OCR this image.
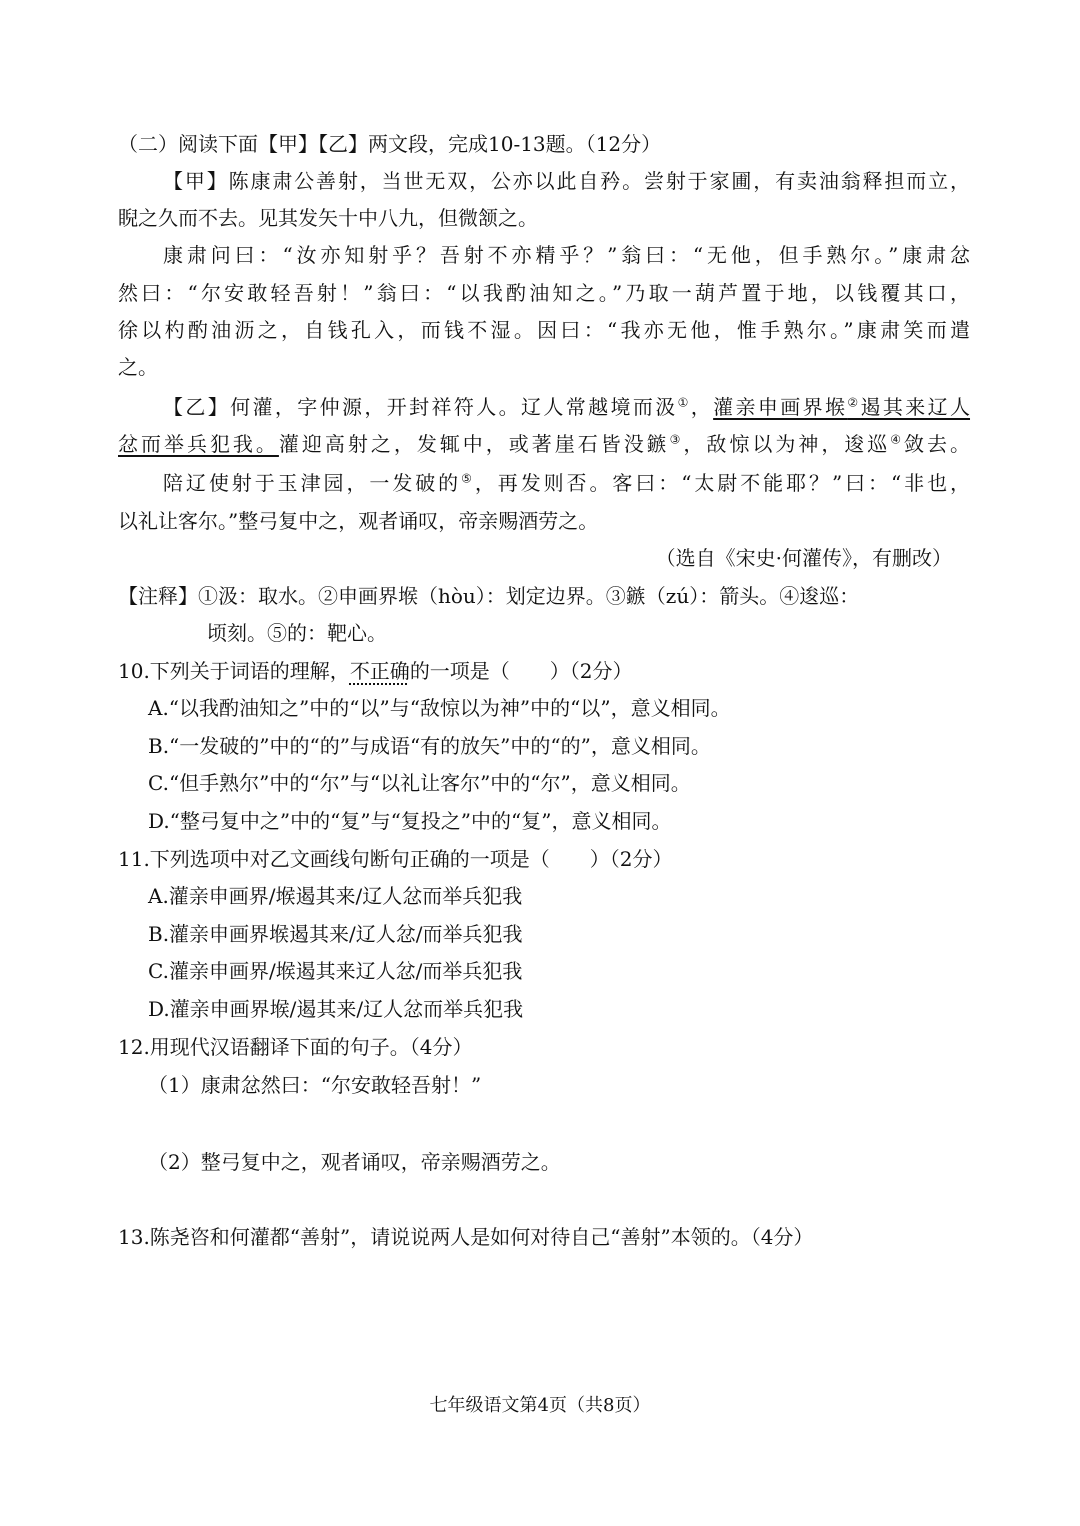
（二）阅读下面【甲】【乙】两文段，完成10-13题。（12分）
【甲】陈康肃公善射，当世无双，公亦以此自矜。尝射于家圃，有卖油翁释担而立，
睨之久而不去。见其发矢十中八九，但微颔之。
康肃问曰：“汝亦知射乎？吾射不亦精乎？”翁曰：“无他，但手熟尔。”康肃忿
然曰：“尔安敢轻吾射！”翁曰：“以我酌油知之。”乃取一葫芦置于地，以钱覆其口，
徐以杓酌油沥之，自钱孔入，而钱不湿。因曰：“我亦无他，惟手熟尔。”康肃笑而遣
之。
【乙】何灌，字仲源，开封祥符人。辽人常越境而汲①，灌亲申画界堠②遏其来辽人
忿而举兵犯我。灌迎高射之，发辄中，或著崖石皆没鏃③，敌惊以为神，逡巡④敛去。
陪辽使射于玉津园，一发破的⑤，再发则否。客曰：“太尉不能耶？”曰：“非也，
以礼让客尔。”整弓复中之，观者诵叹，帝亲赐酒劳之。
（选自《宋史·何灌传》，有删改）
【注释】①汲：取水。②申画界堠（hòu）：划定边界。③鏃（zú）：箭头。④逡巡：
顷刻。⑤的：靶心。
10.下列关于词语的理解，不正确的一项是（　　）（2分）
A.“以我酌油知之”中的“以”与“敌惊以为神”中的“以”，意义相同。
B.“一发破的”中的“的”与成语“有的放矢”中的“的”，意义相同。
C.“但手熟尔”中的“尔”与“以礼让客尔”中的“尔”，意义相同。
D.“整弓复中之”中的“复”与“复投之”中的“复”，意义相同。
11.下列选项中对乙文画线句断句正确的一项是（　　）（2分）
A.灌亲申画界/堠遏其来/辽人忿而举兵犯我
B.灌亲申画界堠遏其来/辽人忿/而举兵犯我
C.灌亲申画界/堠遏其来辽人忿/而举兵犯我
D.灌亲申画界堠/遏其来/辽人忿而举兵犯我
12.用现代汉语翻译下面的句子。（4分）
（1）康肃忿然曰：“尔安敢轻吾射！”
（2）整弓复中之，观者诵叹，帝亲赐酒劳之。
13.陈尧咨和何灌都“善射”，请说说两人是如何对待自己“善射”本领的。（4分）
七年级语文第4页（共8页）
